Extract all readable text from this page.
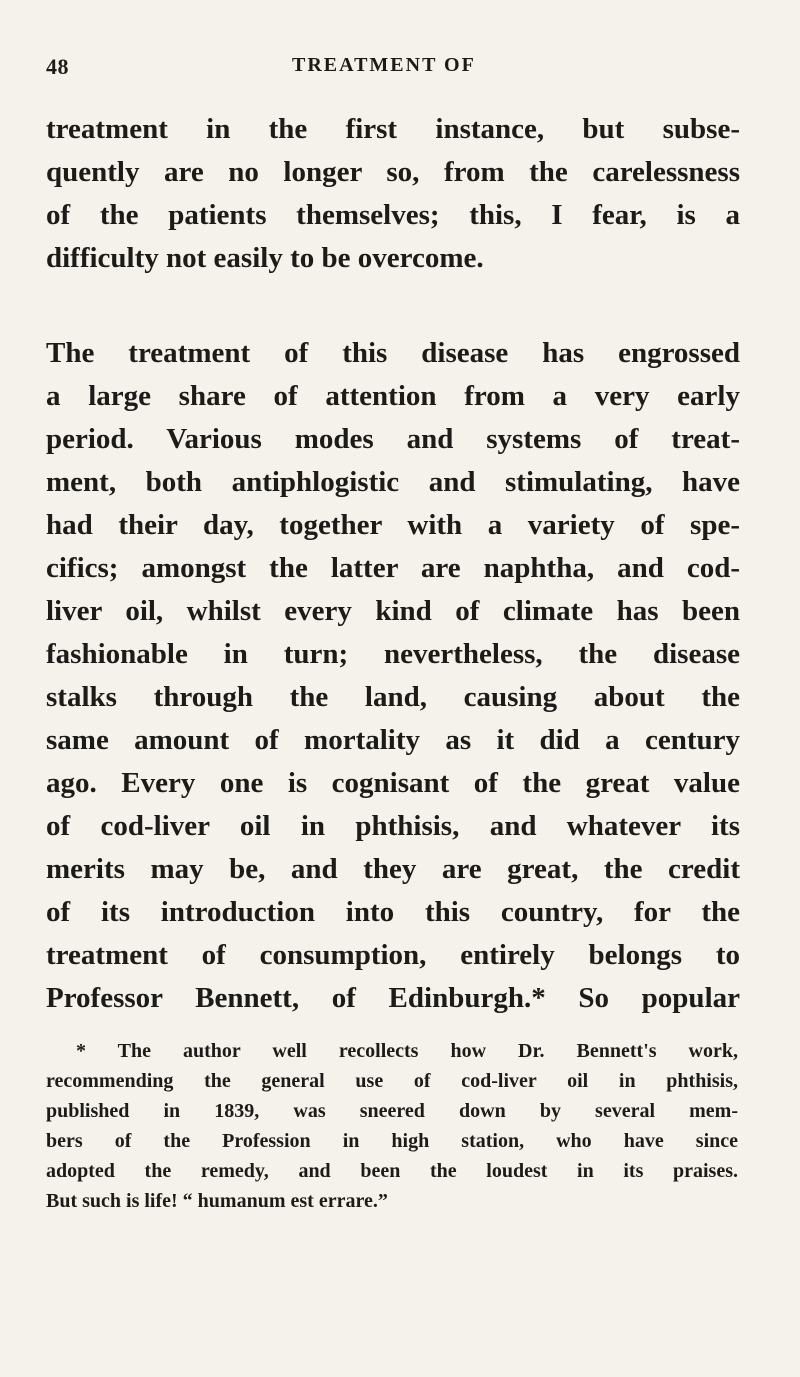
48	TREATMENT OF
treatment in the first instance, but subse-
quently are no longer so, from the carelessness
of the patients themselves; this, I fear, is a
difficulty not easily to be overcome.
The treatment of this disease has engrossed
a large share of attention from a very early
period. Various modes and systems of treat-
ment, both antiphlogistic and stimulating, have
had their day, together with a variety of spe-
cifics; amongst the latter are naphtha, and cod-
liver oil, whilst every kind of climate has been
fashionable in turn; nevertheless, the disease
stalks through the land, causing about the
same amount of mortality as it did a century
ago. Every one is cognisant of the great value
of cod-liver oil in phthisis, and whatever its
merits may be, and they are great, the credit
of its introduction into this country, for the
treatment of consumption, entirely belongs to
Professor Bennett, of Edinburgh.* So popular
* The author well recollects how Dr. Bennett's work,
recommending the general use of cod-liver oil in phthisis,
published in 1839, was sneered down by several mem-
bers of the Profession in high station, who have since
adopted the remedy, and been the loudest in its praises.
But such is life! “ humanum est errare.”
